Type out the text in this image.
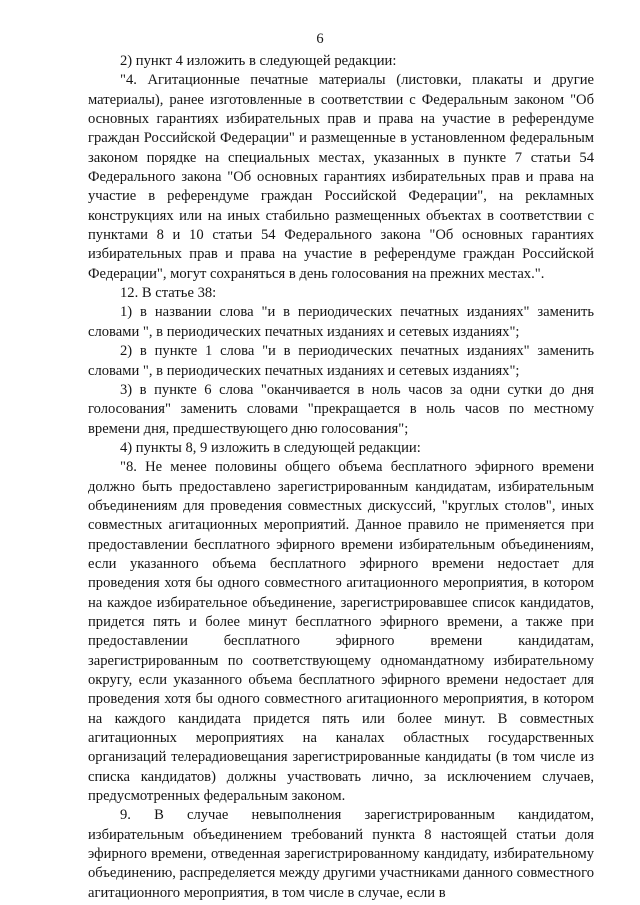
6

2) пункт 4 изложить в следующей редакции:

"4. Агитационные печатные материалы (листовки, плакаты и другие материалы), ранее изготовленные в соответствии с Федеральным законом "Об основных гарантиях избирательных прав и права на участие в референдуме граждан Российской Федерации" и размещенные в установленном федеральным законом порядке на специальных местах, указанных в пункте 7 статьи 54 Федерального закона "Об основных гарантиях избирательных прав и права на участие в референдуме граждан Российской Федерации", на рекламных конструкциях или на иных стабильно размещенных объектах в соответствии с пунктами 8 и 10 статьи 54 Федерального закона "Об основных гарантиях избирательных прав и права на участие в референдуме граждан Российской Федерации", могут сохраняться в день голосования на прежних местах.".

12. В статье 38:

1) в названии слова "и в периодических печатных изданиях" заменить словами ", в периодических печатных изданиях и сетевых изданиях";

2) в пункте 1 слова "и в периодических печатных изданиях" заменить словами ", в периодических печатных изданиях и сетевых изданиях";

3) в пункте 6 слова "оканчивается в ноль часов за одни сутки до дня голосования" заменить словами "прекращается в ноль часов по местному времени дня, предшествующего дню голосования";

4) пункты 8, 9 изложить в следующей редакции:

"8. Не менее половины общего объема бесплатного эфирного времени должно быть предоставлено зарегистрированным кандидатам, избирательным объединениям для проведения совместных дискуссий, "круглых столов", иных совместных агитационных мероприятий. Данное правило не применяется при предоставлении бесплатного эфирного времени избирательным объединениям, если указанного объема бесплатного эфирного времени недостает для проведения хотя бы одного совместного агитационного мероприятия, в котором на каждое избирательное объединение, зарегистрировавшее список кандидатов, придется пять и более минут бесплатного эфирного времени, а также при предоставлении бесплатного эфирного времени кандидатам, зарегистрированным по соответствующему одномандатному избирательному округу, если указанного объема бесплатного эфирного времени недостает для проведения хотя бы одного совместного агитационного мероприятия, в котором на каждого кандидата придется пять или более минут. В совместных агитационных мероприятиях на каналах областных государственных организаций телерадиовещания зарегистрированные кандидаты (в том числе из списка кандидатов) должны участвовать лично, за исключением случаев, предусмотренных федеральным законом.

9. В случае невыполнения зарегистрированным кандидатом, избирательным объединением требований пункта 8 настоящей статьи доля эфирного времени, отведенная зарегистрированному кандидату, избирательному объединению, распределяется между другими участниками данного совместного агитационного мероприятия, в том числе в случае, если в
